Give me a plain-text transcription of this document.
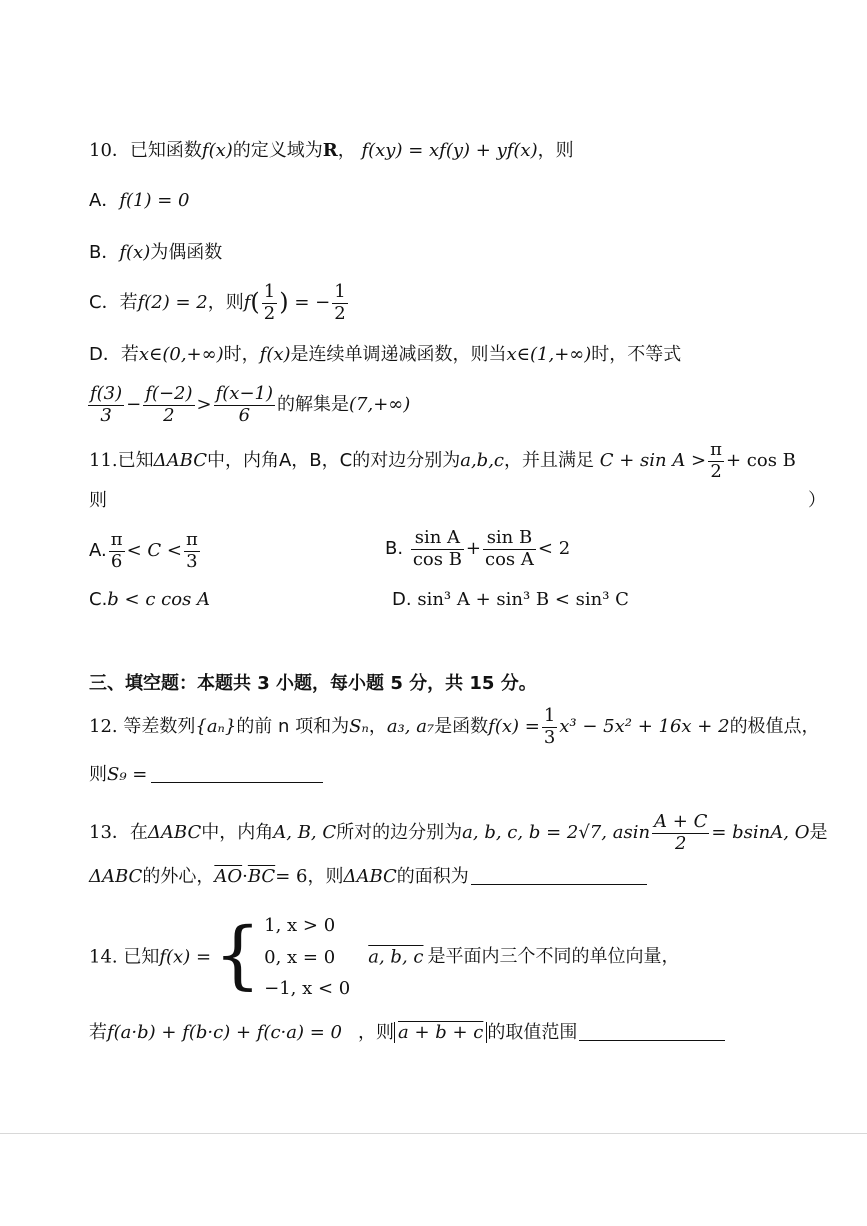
10．已知函数f(x)的定义域为R， f(xy) = xf(y) + yf(x)，则
A．f(1) = 0
B．f(x)为偶函数
C．若f(2) = 2，则$f( \frac{1}{2}$ ) = − $\frac{1}{2}$
D．若x∈(0,+∞)时，f(x)是连续单调递减函数，则当x∈(1,+∞)时，不等式
$\frac{f(3)}{3} - \frac{f(-2)}{2} > \frac{f(x-1)}{6}$ 的解集是(7,+∞)
11.已知ΔABC中，内角A，B，C的对边分别为a,b,c，并且满足 $C + \sin A > \frac{\pi}{2} + \cos B$
则	）
A. $\frac{\pi}{6} < C < \frac{\pi}{3}$	B. $\frac{\text{sin A}}{\text{cos B}} + \frac{\text{sin B}}{\text{cos A}} < 2$
C.b < c cos A	D. sin³ A + sin³ B < sin³ C
三、填空题：本题共 3 小题，每小题 5 分，共 15 分。
12. 等差数列{aₙ}的前 n 项和为Sₙ，a₃, a₇是函数$f(x) = \frac{1}{3} x^3 - 5x^2 + 16x + 2$的极值点，
则S₉ =
13．在ΔABC中，内角A, B, C所对的边分别为a, b, c, b = 2√7, asin $\frac{A + C}{2} = bsinA$, O是
ΔABC的外心，$\overline{AO}\cdot\overline{BC}= 6$，则ΔABC的面积为
14. 已知f(x) ={ 1, x > 0
0, x = 0
−1, x < 0
a, b, c 是平面内三个不同的单位向量，
若f(a·b) + f(b·c) + f(c·a) = 0 ，则 a + b + c 的取值范围
